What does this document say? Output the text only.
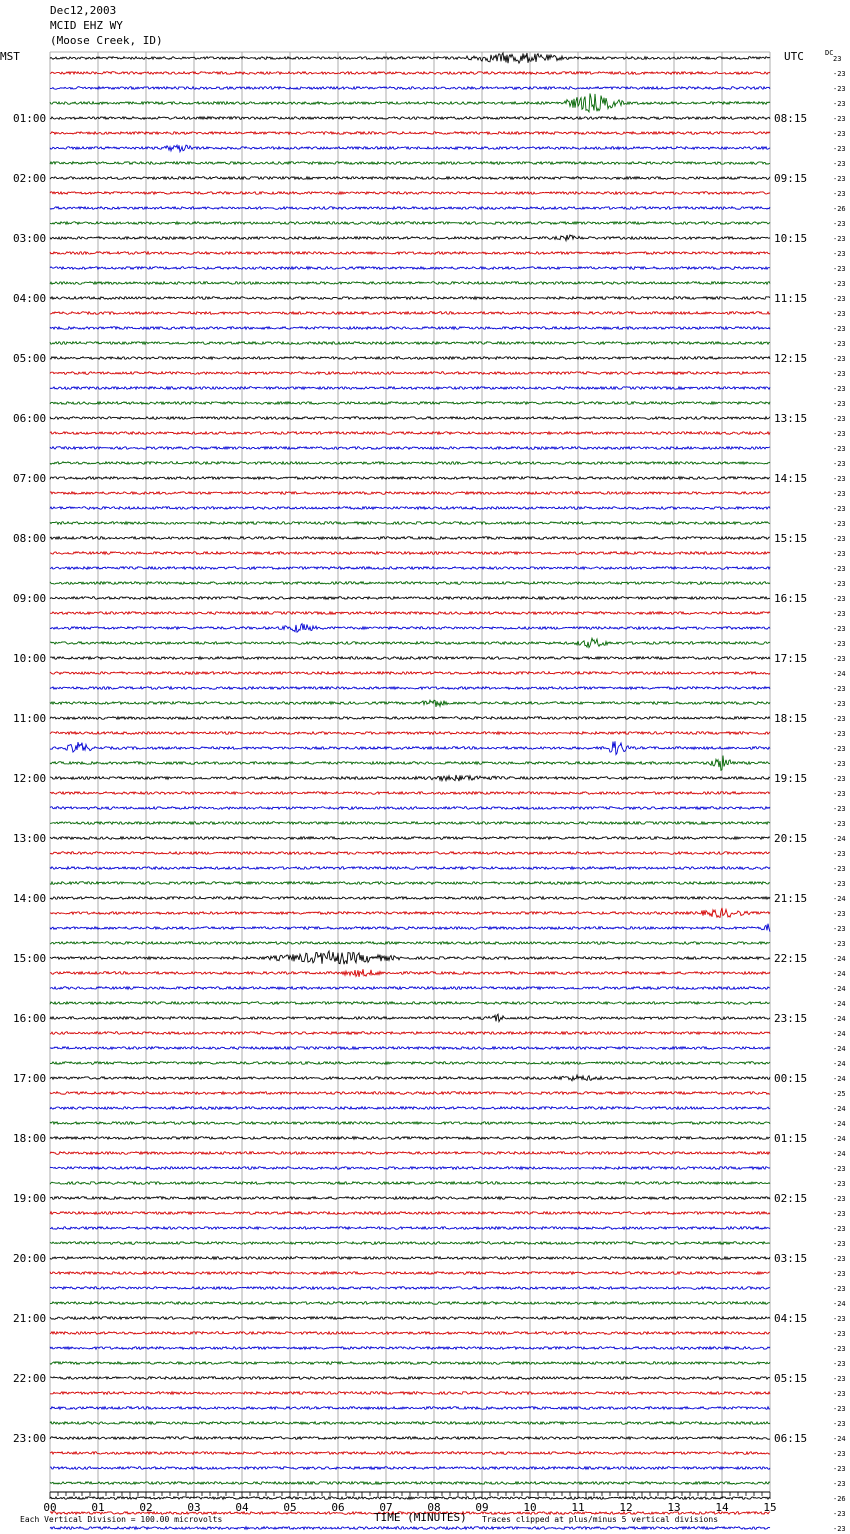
00	01	02	03	04	05	06	07	08	09	10	11	12	13	14	15
23
-23
-23
-23
-23
-23
-23
-23
-23
-23
-26
-23
-23
-23
-23
-23
-23
-23
-23
-23
-23
-23
-23
-23
-23
-23
-23
-23
-23
-23
-23
-23
-23
-23
-23
-23
-23
-23
-23
-23
-23
-24
-23
-23
-23
-23
-23
-23
-23
-23
-23
-23
-24
-23
-23
-23
-24
-23
-23
-23
-24
-24
-24
-24
-24
-24
-24
-24
-24
-25
-24
-24
-24
-24
-23
-23
-23
-23
-23
-23
-23
-23
-23
-24
-23
-23
-23
-23
-23
-23
-23
-23
-24
-23
-23
-23
-26
-23
-23
01:00	08:15
02:00	09:15
03:00	10:15
04:00	11:15
05:00	12:15
06:00	13:15
07:00	14:15
08:00	15:15
09:00	16:15
10:00	17:15
11:00	18:15
12:00	19:15
13:00	20:15
14:00	21:15
15:00	22:15
16:00	23:15
17:00	00:15
18:00	01:15
19:00	02:15
20:00	03:15
21:00	04:15
22:00	05:15
23:00	06:15
Dec12,2003
MCID EHZ WY
(Moose Creek, ID)
MST	UTC	DC
Each Vertical Division = 100.00 microvolts	TIME (MINUTES) Traces clipped at plus/minus 5 vertical divisions
